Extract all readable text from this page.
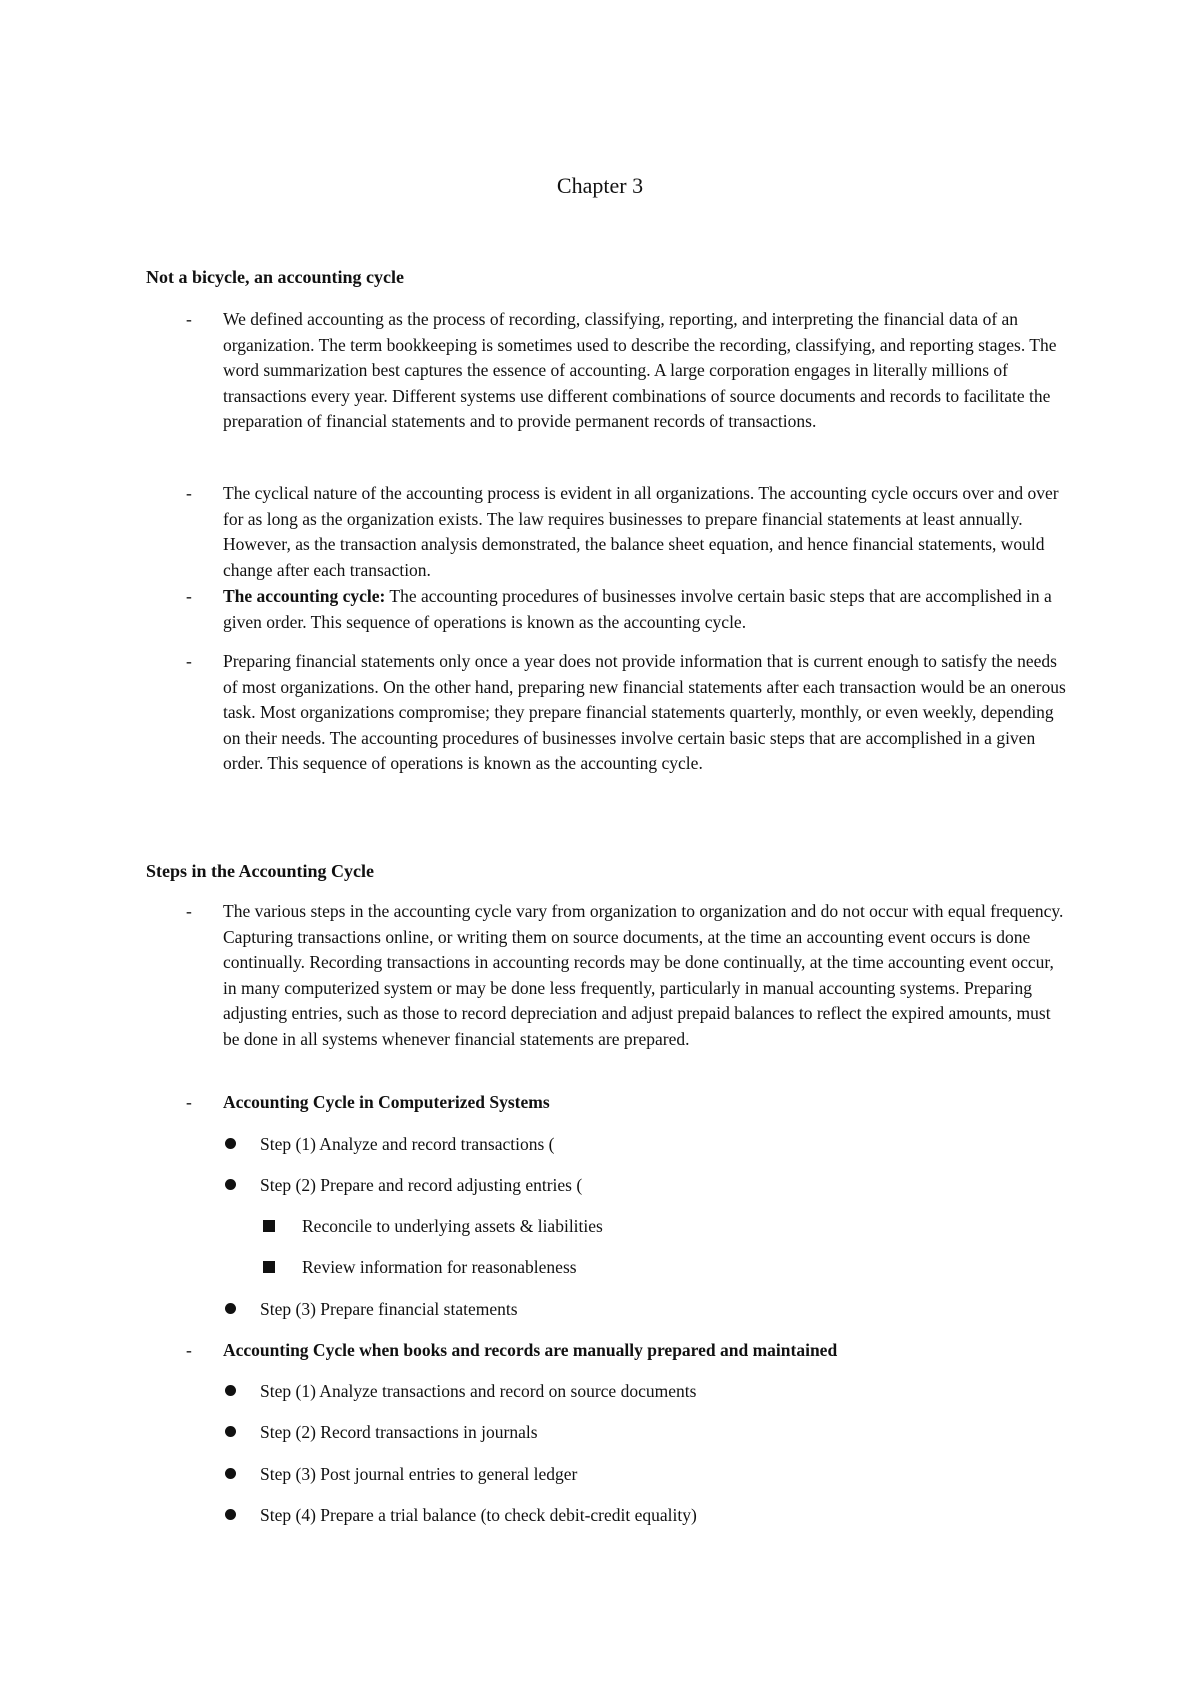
Chapter 3
Not a bicycle, an accounting cycle
- We defined accounting as the process of recording, classifying, reporting, and interpreting the financial data of an organization. The term bookkeeping is sometimes used to describe the recording, classifying, and reporting stages. The word summarization best captures the essence of accounting. A large corporation engages in literally millions of transactions every year. Different systems use different combinations of source documents and records to facilitate the preparation of financial statements and to provide permanent records of transactions.
- The cyclical nature of the accounting process is evident in all organizations. The accounting cycle occurs over and over for as long as the organization exists. The law requires businesses to prepare financial statements at least annually. However, as the transaction analysis demonstrated, the balance sheet equation, and hence financial statements, would change after each transaction.
- The accounting cycle: The accounting procedures of businesses involve certain basic steps that are accomplished in a given order. This sequence of operations is known as the accounting cycle.
- Preparing financial statements only once a year does not provide information that is current enough to satisfy the needs of most organizations. On the other hand, preparing new financial statements after each transaction would be an onerous task. Most organizations compromise; they prepare financial statements quarterly, monthly, or even weekly, depending on their needs. The accounting procedures of businesses involve certain basic steps that are accomplished in a given order. This sequence of operations is known as the accounting cycle.
Steps in the Accounting Cycle
- The various steps in the accounting cycle vary from organization to organization and do not occur with equal frequency. Capturing transactions online, or writing them on source documents, at the time an accounting event occurs is done continually. Recording transactions in accounting records may be done continually, at the time accounting event occur, in many computerized system or may be done less frequently, particularly in manual accounting systems. Preparing adjusting entries, such as those to record depreciation and adjust prepaid balances to reflect the expired amounts, must be done in all systems whenever financial statements are prepared.
- Accounting Cycle in Computerized Systems
Step (1) Analyze and record transactions (
Step (2) Prepare and record adjusting entries (
Reconcile to underlying assets & liabilities
Review information for reasonableness
Step (3) Prepare financial statements
- Accounting Cycle when books and records are manually prepared and maintained
Step (1) Analyze transactions and record on source documents
Step (2) Record transactions in journals
Step (3) Post journal entries to general ledger
Step (4) Prepare a trial balance (to check debit-credit equality)
